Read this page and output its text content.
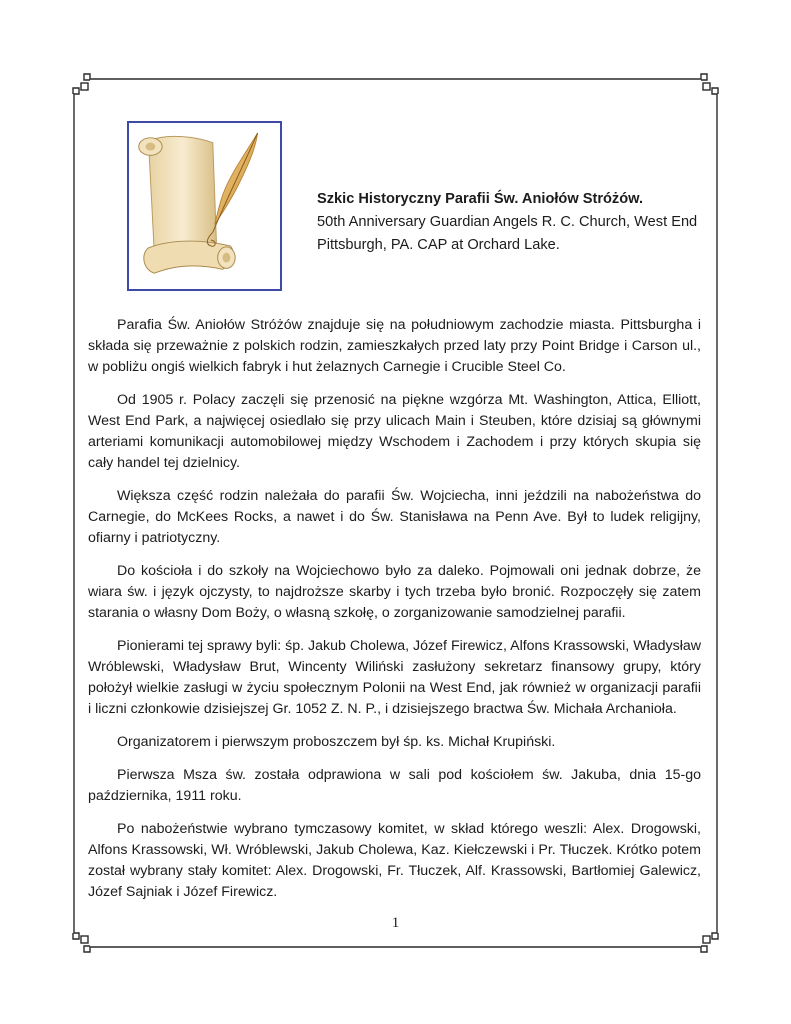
Szkic Historyczny Parafii Św. Aniołów Stróżów.
50th Anniversary Guardian Angels R. C. Church, West End
Pittsburgh, PA. CAP at Orchard Lake.

Parafia Św. Aniołów Stróżów znajduje się na południowym zachodzie miasta. Pittsburgha i składa się przeważnie z polskich rodzin, zamieszkałych przed laty przy Point Bridge i Carson ul., w pobliżu ongiś wielkich fabryk i hut żelaznych Carnegie i Crucible Steel Co.

Od 1905 r. Polacy zaczęli się przenosić na piękne wzgórza Mt. Washington, Attica, Elliott, West End Park, a najwięcej osiedlało się przy ulicach Main i Steuben, które dzisiaj są głównymi arteriami komunikacji automobilowej między Wschodem i Zachodem i przy których skupia się cały handel tej dzielnicy.

Większa część rodzin należała do parafii Św. Wojciecha, inni jeździli na nabożeństwa do Carnegie, do McKees Rocks, a nawet i do Św. Stanisława na Penn Ave. Był to ludek religijny, ofiarny i patriotyczny.

Do kościoła i do szkoły na Wojciechowo było za daleko. Pojmowali oni jednak dobrze, że wiara św. i język ojczysty, to najdroższe skarby i tych trzeba było bronić. Rozpoczęły się zatem starania o własny Dom Boży, o własną szkołę, o zorganizowanie samodzielnej parafii.

Pionierami tej sprawy byli: śp. Jakub Cholewa, Józef Firewicz, Alfons Krassowski, Władysław Wróblewski, Władysław Brut, Wincenty Wiliński zasłużony sekretarz finansowy grupy, który położył wielkie zasługi w życiu społecznym Polonii na West End, jak również w organizacji parafii i liczni członkowie dzisiejszej Gr. 1052 Z. N. P., i dzisiejszego bractwa Św. Michała Archanioła.

Organizatorem i pierwszym proboszczem był śp. ks. Michał Krupiński.

Pierwsza Msza św. została odprawiona w sali pod kościołem św. Jakuba, dnia 15-go października, 1911 roku.

Po nabożeństwie wybrano tymczasowy komitet, w skład którego weszli: Alex. Drogowski, Alfons Krassowski, Wł. Wróblewski, Jakub Cholewa, Kaz. Kiełczewski i Pr. Tłuczek. Krótko potem został wybrany stały komitet: Alex. Drogowski, Fr. Tłuczek, Alf. Krassowski, Bartłomiej Galewicz, Józef Sajniak i Józef Firewicz.

1
